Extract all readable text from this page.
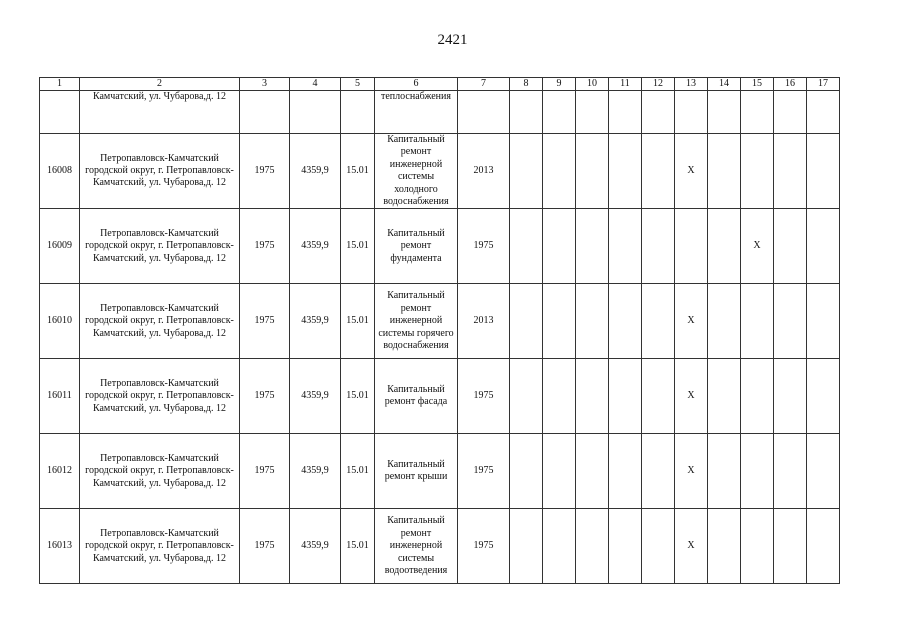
2421
1	2	3	4	5	6	7	8	9	10	11	12	13	14	15	16	17
	Камчатский, ул. Чубарова,д. 12				теплоснабжения											
16008	Петропавловск-Камчатский городской округ, г. Петропавловск-Камчатский, ул. Чубарова,д. 12	1975	4359,9	15.01	Капитальный ремонт инженерной системы холодного водоснабжения	2013						X				
16009	Петропавловск-Камчатский городской округ, г. Петропавловск-Камчатский, ул. Чубарова,д. 12	1975	4359,9	15.01	Капитальный ремонт фундамента	1975								X		
16010	Петропавловск-Камчатский городской округ, г. Петропавловск-Камчатский, ул. Чубарова,д. 12	1975	4359,9	15.01	Капитальный ремонт инженерной системы горячего водоснабжения	2013						X				
16011	Петропавловск-Камчатский городской округ, г. Петропавловск-Камчатский, ул. Чубарова,д. 12	1975	4359,9	15.01	Капитальный ремонт фасада	1975						X				
16012	Петропавловск-Камчатский городской округ, г. Петропавловск-Камчатский, ул. Чубарова,д. 12	1975	4359,9	15.01	Капитальный ремонт крыши	1975						X				
16013	Петропавловск-Камчатский городской округ, г. Петропавловск-Камчатский, ул. Чубарова,д. 12	1975	4359,9	15.01	Капитальный ремонт инженерной системы водоотведения	1975						X				
